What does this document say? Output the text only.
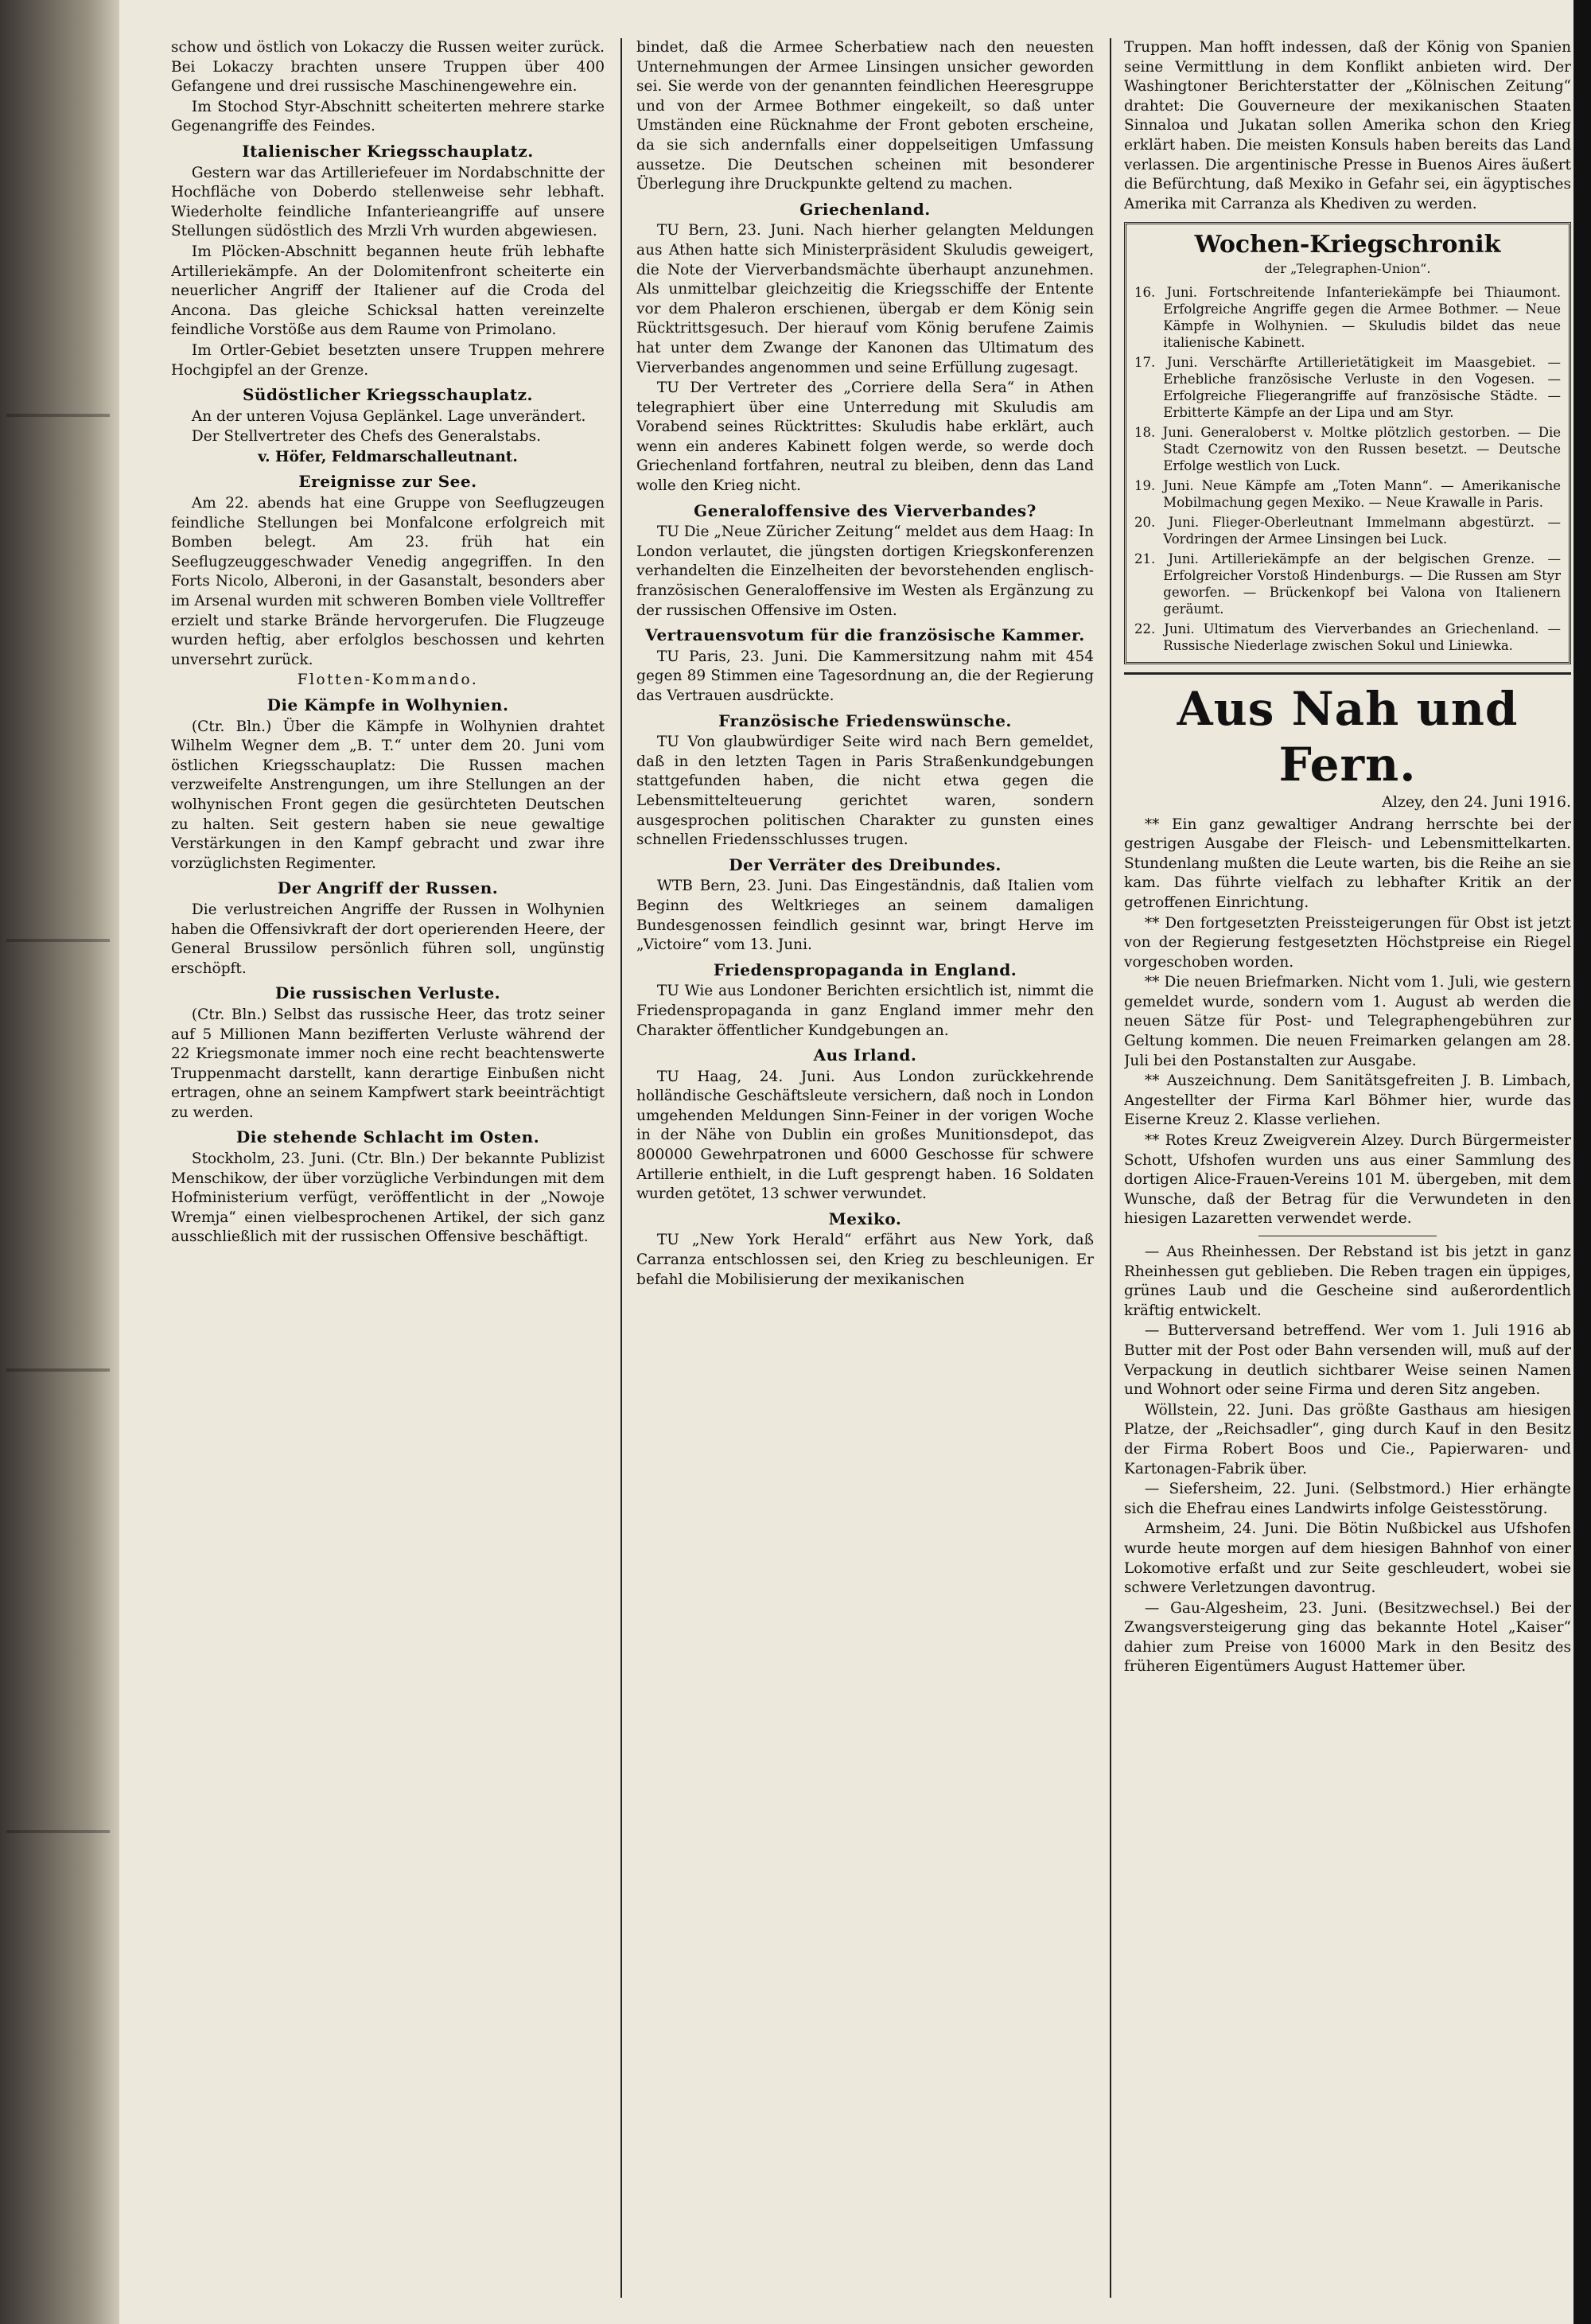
schow und östlich von Lokaczy die Russen weiter zurück. Bei Lokaczy brachten unsere Truppen über 400 Gefangene und drei russische Maschinengewehre ein.

Im Stochod Styr-Abschnitt scheiterten mehrere starke Gegenangriffe des Feindes.

Italienischer Kriegsschauplatz.

Gestern war das Artilleriefeuer im Nordabschnitte der Hochfläche von Doberdo stellenweise sehr lebhaft. Wiederholte feindliche Infanterieangriffe auf unsere Stellungen südöstlich des Mrzli Vrh wurden abgewiesen.

Im Plöcken-Abschnitt begannen heute früh lebhafte Artilleriekämpfe. An der Dolomitenfront scheiterte ein neuerlicher Angriff der Italiener auf die Croda del Ancona. Das gleiche Schicksal hatten vereinzelte feindliche Vorstöße aus dem Raume von Primolano.

Im Ortler-Gebiet besetzten unsere Truppen mehrere Hochgipfel an der Grenze.

Südöstlicher Kriegsschauplatz.

An der unteren Vojusa Geplänkel. Lage unverändert.

Der Stellvertreter des Chefs des Generalstabs.

v. Höfer, Feldmarschalleutnant.

Ereignisse zur See.

Am 22. abends hat eine Gruppe von Seeflugzeugen feindliche Stellungen bei Monfalcone erfolgreich mit Bomben belegt. Am 23. früh hat ein Seeflugzeuggeschwader Venedig angegriffen. In den Forts Nicolo, Alberoni, in der Gasanstalt, besonders aber im Arsenal wurden mit schweren Bomben viele Volltreffer erzielt und starke Brände hervorgerufen. Die Flugzeuge wurden heftig, aber erfolglos beschossen und kehrten unversehrt zurück.

Flotten-Kommando.

Die Kämpfe in Wolhynien.

(Ctr. Bln.) Über die Kämpfe in Wolhynien drahtet Wilhelm Wegner dem „B. T.“ unter dem 20. Juni vom östlichen Kriegsschauplatz: Die Russen machen verzweifelte Anstrengungen, um ihre Stellungen an der wolhynischen Front gegen die gesürchteten Deutschen zu halten. Seit gestern haben sie neue gewaltige Verstärkungen in den Kampf gebracht und zwar ihre vorzüglichsten Regimenter.

Der Angriff der Russen.

Die verlustreichen Angriffe der Russen in Wolhynien haben die Offensivkraft der dort operierenden Heere, der General Brussilow persönlich führen soll, ungünstig erschöpft.

Die russischen Verluste.

(Ctr. Bln.) Selbst das russische Heer, das trotz seiner auf 5 Millionen Mann bezifferten Verluste während der 22 Kriegsmonate immer noch eine recht beachtenswerte Truppenmacht darstellt, kann derartige Einbußen nicht ertragen, ohne an seinem Kampfwert stark beeinträchtigt zu werden.

Die stehende Schlacht im Osten.

Stockholm, 23. Juni. (Ctr. Bln.) Der bekannte Publizist Menschikow, der über vorzügliche Verbindungen mit dem Hofministerium verfügt, veröffentlicht in der „Nowoje Wremja“ einen vielbesprochenen Artikel, der sich ganz ausschließlich mit der russischen Offensive beschäftigt.

bindet, daß die Armee Scherbatiew nach den neuesten Unternehmungen der Armee Linsingen unsicher geworden sei. Sie werde von der genannten feindlichen Heeresgruppe und von der Armee Bothmer eingekeilt, so daß unter Umständen eine Rücknahme der Front geboten erscheine, da sie sich andernfalls einer doppelseitigen Umfassung aussetze. Die Deutschen scheinen mit besonderer Überlegung ihre Druckpunkte geltend zu machen.

Griechenland.

TU Bern, 23. Juni. Nach hierher gelangten Meldungen aus Athen hatte sich Ministerpräsident Skuludis geweigert, die Note der Vierverbandsmächte überhaupt anzunehmen. Als unmittelbar gleichzeitig die Kriegsschiffe der Entente vor dem Phaleron erschienen, übergab er dem König sein Rücktrittsgesuch. Der hierauf vom König berufene Zaimis hat unter dem Zwange der Kanonen das Ultimatum des Vierverbandes angenommen und seine Erfüllung zugesagt.

TU Der Vertreter des „Corriere della Sera“ in Athen telegraphiert über eine Unterredung mit Skuludis am Vorabend seines Rücktrittes: Skuludis habe erklärt, auch wenn ein anderes Kabinett folgen werde, so werde doch Griechenland fortfahren, neutral zu bleiben, denn das Land wolle den Krieg nicht.

Generaloffensive des Vierverbandes?

TU Die „Neue Züricher Zeitung“ meldet aus dem Haag: In London verlautet, die jüngsten dortigen Kriegskonferenzen verhandelten die Einzelheiten der bevorstehenden englisch-französischen Generaloffensive im Westen als Ergänzung zu der russischen Offensive im Osten.

Vertrauensvotum für die französische Kammer.

TU Paris, 23. Juni. Die Kammersitzung nahm mit 454 gegen 89 Stimmen eine Tagesordnung an, die der Regierung das Vertrauen ausdrückte.

Französische Friedenswünsche.

TU Von glaubwürdiger Seite wird nach Bern gemeldet, daß in den letzten Tagen in Paris Straßenkundgebungen stattgefunden haben, die nicht etwa gegen die Lebensmittelteuerung gerichtet waren, sondern ausgesprochen politischen Charakter zu gunsten eines schnellen Friedensschlusses trugen.

Der Verräter des Dreibundes.

WTB Bern, 23. Juni. Das Eingeständnis, daß Italien vom Beginn des Weltkrieges an seinem damaligen Bundesgenossen feindlich gesinnt war, bringt Herve im „Victoire“ vom 13. Juni.

Friedenspropaganda in England.

TU Wie aus Londoner Berichten ersichtlich ist, nimmt die Friedenspropaganda in ganz England immer mehr den Charakter öffentlicher Kundgebungen an.

Aus Irland.

TU Haag, 24. Juni. Aus London zurückkehrende holländische Geschäftsleute versichern, daß noch in London umgehenden Meldungen Sinn-Feiner in der vorigen Woche in der Nähe von Dublin ein großes Munitionsdepot, das 800000 Gewehrpatronen und 6000 Geschosse für schwere Artillerie enthielt, in die Luft gesprengt haben. 16 Soldaten wurden getötet, 13 schwer verwundet.

Mexiko.

TU „New York Herald“ erfährt aus New York, daß Carranza entschlossen sei, den Krieg zu beschleunigen. Er befahl die Mobilisierung der mexikanischen

Truppen. Man hofft indessen, daß der König von Spanien seine Vermittlung in dem Konflikt anbieten wird. Der Washingtoner Berichterstatter der „Kölnischen Zeitung“ drahtet: Die Gouverneure der mexikanischen Staaten Sinnaloa und Jukatan sollen Amerika schon den Krieg erklärt haben. Die meisten Konsuls haben bereits das Land verlassen. Die argentinische Presse in Buenos Aires äußert die Befürchtung, daß Mexiko in Gefahr sei, ein ägyptisches Amerika mit Carranza als Khediven zu werden.

Wochen-Kriegschronik
der „Telegraphen-Union“.

16. Juni. Fortschreitende Infanteriekämpfe bei Thiaumont. Erfolgreiche Angriffe gegen die Armee Bothmer. — Neue Kämpfe in Wolhynien. — Skuludis bildet das neue italienische Kabinett.

17. Juni. Verschärfte Artillerietätigkeit im Maasgebiet. — Erhebliche französische Verluste in den Vogesen. — Erfolgreiche Fliegerangriffe auf französische Städte. — Erbitterte Kämpfe an der Lipa und am Styr.

18. Juni. Generaloberst v. Moltke plötzlich gestorben. — Die Stadt Czernowitz von den Russen besetzt. — Deutsche Erfolge westlich von Luck.

19. Juni. Neue Kämpfe am „Toten Mann“. — Amerikanische Mobilmachung gegen Mexiko. — Neue Krawalle in Paris.

20. Juni. Flieger-Oberleutnant Immelmann abgestürzt. — Vordringen der Armee Linsingen bei Luck.

21. Juni. Artilleriekämpfe an der belgischen Grenze. — Erfolgreicher Vorstoß Hindenburgs. — Die Russen am Styr geworfen. — Brückenkopf bei Valona von Italienern geräumt.

22. Juni. Ultimatum des Vierverbandes an Griechenland. — Russische Niederlage zwischen Sokul und Liniewka.

Aus Nah und Fern.
Alzey, den 24. Juni 1916.

** Ein ganz gewaltiger Andrang herrschte bei der gestrigen Ausgabe der Fleisch- und Lebensmittelkarten. Stundenlang mußten die Leute warten, bis die Reihe an sie kam. Das führte vielfach zu lebhafter Kritik an der getroffenen Einrichtung.

** Den fortgesetzten Preissteigerungen für Obst ist jetzt von der Regierung festgesetzten Höchstpreise ein Riegel vorgeschoben worden.

** Die neuen Briefmarken. Nicht vom 1. Juli, wie gestern gemeldet wurde, sondern vom 1. August ab werden die neuen Sätze für Post- und Telegraphengebühren zur Geltung kommen. Die neuen Freimarken gelangen am 28. Juli bei den Postanstalten zur Ausgabe.

** Auszeichnung. Dem Sanitätsgefreiten J. B. Limbach, Angestellter der Firma Karl Böhmer hier, wurde das Eiserne Kreuz 2. Klasse verliehen.

** Rotes Kreuz Zweigverein Alzey. Durch Bürgermeister Schott, Ufshofen wurden uns aus einer Sammlung des dortigen Alice-Frauen-Vereins 101 M. übergeben, mit dem Wunsche, daß der Betrag für die Verwundeten in den hiesigen Lazaretten verwendet werde.

— Aus Rheinhessen. Der Rebstand ist bis jetzt in ganz Rheinhessen gut geblieben. Die Reben tragen ein üppiges, grünes Laub und die Gescheine sind außerordentlich kräftig entwickelt.

— Butterversand betreffend. Wer vom 1. Juli 1916 ab Butter mit der Post oder Bahn versenden will, muß auf der Verpackung in deutlich sichtbarer Weise seinen Namen und Wohnort oder seine Firma und deren Sitz angeben.

Wöllstein, 22. Juni. Das größte Gasthaus am hiesigen Platze, der „Reichsadler“, ging durch Kauf in den Besitz der Firma Robert Boos und Cie., Papierwaren- und Kartonagen-Fabrik über.

— Siefersheim, 22. Juni. (Selbstmord.) Hier erhängte sich die Ehefrau eines Landwirts infolge Geistesstörung.

Armsheim, 24. Juni. Die Bötin Nußbickel aus Ufshofen wurde heute morgen auf dem hiesigen Bahnhof von einer Lokomotive erfaßt und zur Seite geschleudert, wobei sie schwere Verletzungen davontrug.

— Gau-Algesheim, 23. Juni. (Besitzwechsel.) Bei der Zwangsversteigerung ging das bekannte Hotel „Kaiser“ dahier zum Preise von 16000 Mark in den Besitz des früheren Eigentümers August Hattemer über.
